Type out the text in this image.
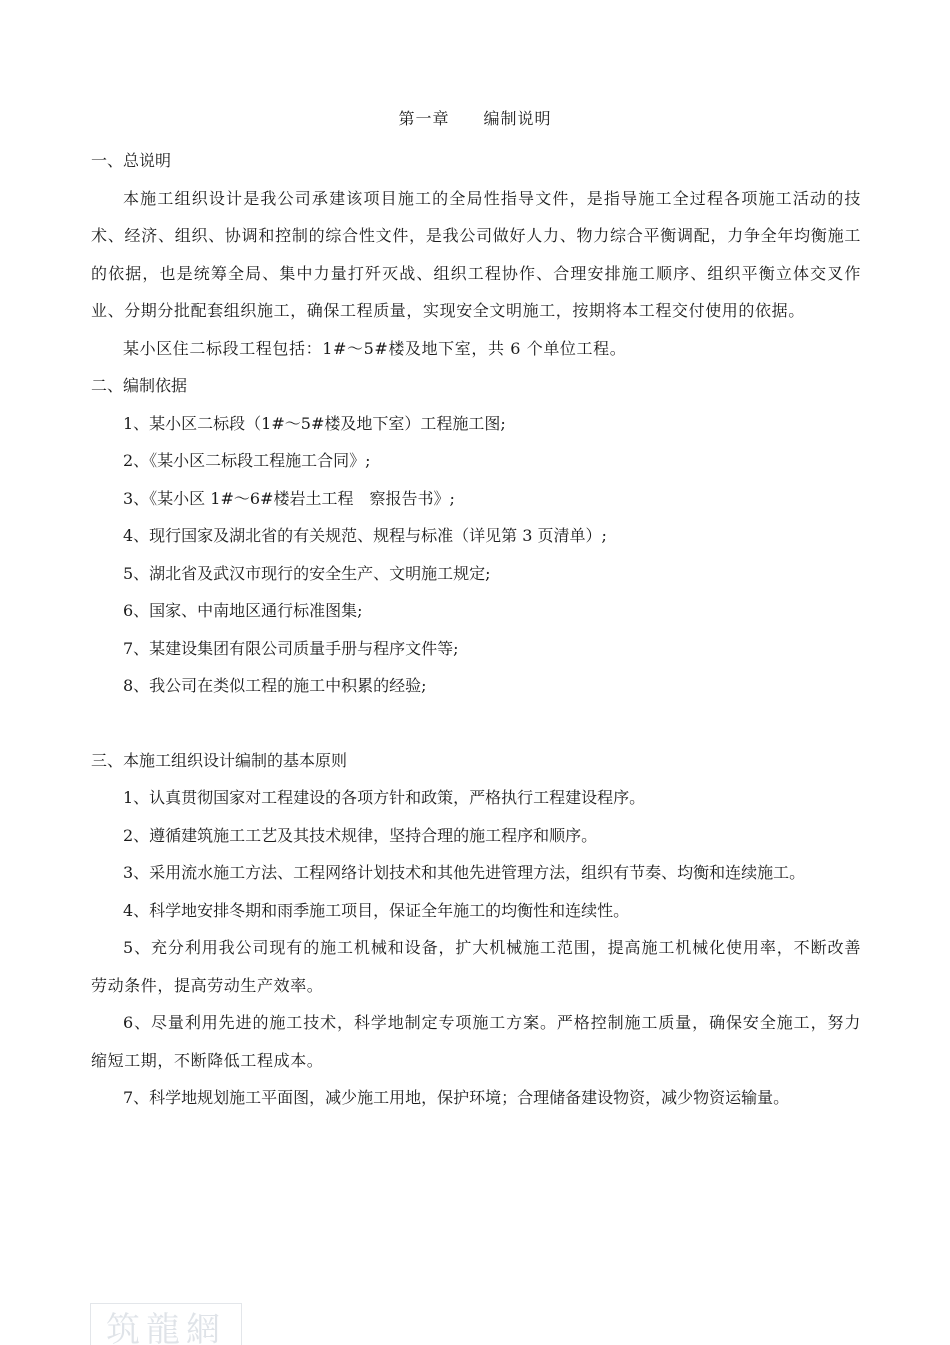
第一章　　编制说明

一、总说明

本施工组织设计是我公司承建该项目施工的全局性指导文件，是指导施工全过程各项施工活动的技术、经济、组织、协调和控制的综合性文件，是我公司做好人力、物力综合平衡调配，力争全年均衡施工的依据，也是统筹全局、集中力量打歼灭战、组织工程协作、合理安排施工顺序、组织平衡立体交叉作业、分期分批配套组织施工，确保工程质量，实现安全文明施工，按期将本工程交付使用的依据。

某小区住二标段工程包括：1#～5#楼及地下室，共 6 个单位工程。

二、编制依据

1、某小区二标段（1#～5#楼及地下室）工程施工图;

2、《某小区二标段工程施工合同》;

3、《某小区 1#～6#楼岩土工程　察报告书》;

4、现行国家及湖北省的有关规范、规程与标准（详见第 3 页清单）;

5、湖北省及武汉市现行的安全生产、文明施工规定;

6、国家、中南地区通行标准图集;

7、某建设集团有限公司质量手册与程序文件等;

8、我公司在类似工程的施工中积累的经验;

三、本施工组织设计编制的基本原则

1、认真贯彻国家对工程建设的各项方针和政策，严格执行工程建设程序。

2、遵循建筑施工工艺及其技术规律，坚持合理的施工程序和顺序。

3、采用流水施工方法、工程网络计划技术和其他先进管理方法，组织有节奏、均衡和连续施工。

4、科学地安排冬期和雨季施工项目，保证全年施工的均衡性和连续性。

5、充分利用我公司现有的施工机械和设备，扩大机械施工范围，提高施工机械化使用率，不断改善劳动条件，提高劳动生产效率。

6、尽量利用先进的施工技术，科学地制定专项施工方案。严格控制施工质量，确保安全施工，努力缩短工期，不断降低工程成本。

7、科学地规划施工平面图，减少施工用地，保护环境；合理储备建设物资，减少物资运输量。

筑龍網
